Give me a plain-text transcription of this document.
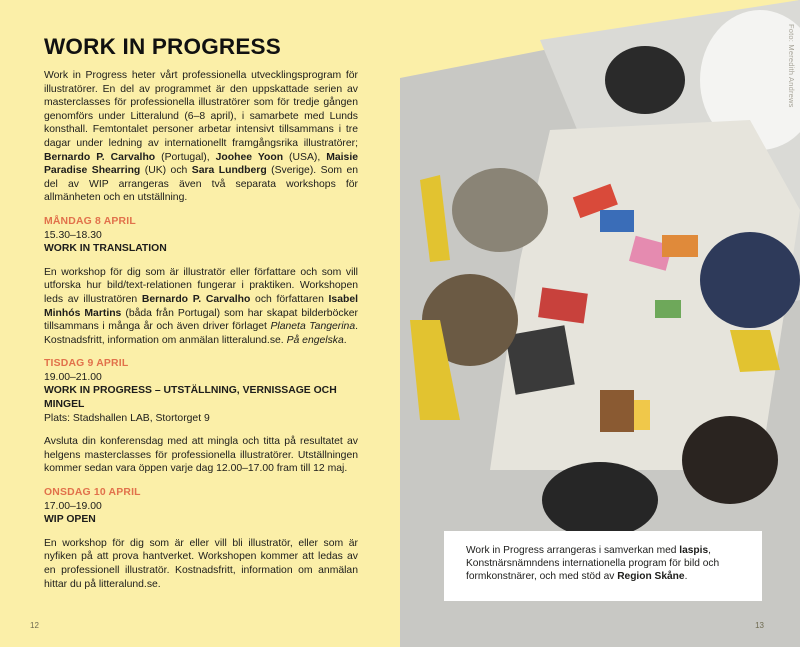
WORK IN PROGRESS

Work in Progress heter vårt professionella utvecklingsprogram för illustratörer. En del av programmet är den uppskattade serien av masterclasses för professionella illustratörer som för tredje gången genomförs under Litteralund (6–8 april), i samarbete med Lunds konsthall. Femtontalet personer arbetar intensivt tillsammans i tre dagar under ledning av internationellt framgångsrika illustratörer; Bernardo P. Carvalho (Portugal), Joohee Yoon (USA), Maisie Paradise Shearring (UK) och Sara Lundberg (Sverige). Som en del av WIP arrangeras även två separata workshops för allmänheten och en utställning.

MÅNDAG 8 APRIL
15.30–18.30
WORK IN TRANSLATION

En workshop för dig som är illustratör eller författare och som vill utforska hur bild/text-relationen fungerar i praktiken. Workshopen leds av illustratören Bernardo P. Carvalho och författaren Isabel Minhós Martins (båda från Portugal) som har skapat bilderböcker tillsammans i många år och även driver förlaget Planeta Tangerina. Kostnadsfritt, information om anmälan litteralund.se. På engelska.

TISDAG 9 APRIL
19.00–21.00
WORK IN PROGRESS – UTSTÄLLNING, VERNISSAGE OCH MINGEL
Plats: Stadshallen LAB, Stortorget 9

Avsluta din konferensdag med att mingla och titta på resultatet av helgens masterclasses för professionella illustratörer. Utställningen kommer sedan vara öppen varje dag 12.00–17.00 fram till 12 maj.

ONSDAG 10 APRIL
17.00–19.00
WIP OPEN

En workshop för dig som är eller vill bli illustratör, eller som är nyfiken på att prova hantverket. Workshopen kommer att ledas av en professionell illustratör. Kostnadsfritt, information om anmälan hittar du på litteralund.se.

12
Foto: Meredith Andrews
13

Work in Progress arrangeras i samverkan med laspis, Konstnärsnämndens internationella program för bild och formkonstnärer, och med stöd av Region Skåne.
